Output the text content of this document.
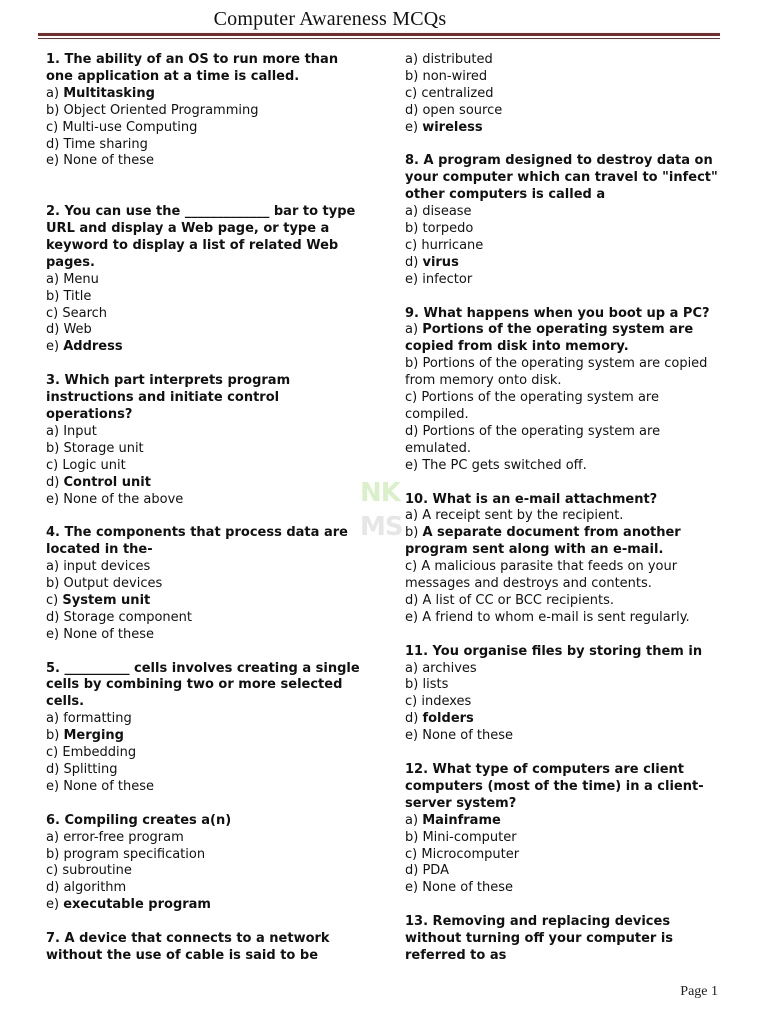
Computer Awareness MCQs
NK
MS
1. The ability of an OS to run more than one application at a time is called.
a) Multitasking
b) Object Oriented Programming
c) Multi-use Computing
d) Time sharing
e) None of these
2. You can use the _____________ bar to type URL and display a Web page, or type a keyword to display a list of related Web pages.
a) Menu
b) Title
c) Search
d) Web
e) Address
3. Which part interprets program instructions and initiate control operations?
a) Input
b) Storage unit
c) Logic unit
d) Control unit
e) None of the above
4. The components that process data are located in the-
a) input devices
b) Output devices
c) System unit
d) Storage component
e) None of these
5. __________ cells involves creating a single cells by combining two or more selected cells.
a) formatting
b) Merging
c) Embedding
d) Splitting
e) None of these
6. Compiling creates a(n)
a) error-free program
b) program specification
c) subroutine
d) algorithm
e) executable program
7. A device that connects to a network without the use of cable is said to be
a) distributed
b) non-wired
c) centralized
d) open source
e) wireless
8. A program designed to destroy data on your computer which can travel to "infect" other computers is called a
a) disease
b) torpedo
c) hurricane
d) virus
e) infector
9. What happens when you boot up a PC?
a) Portions of the operating system are copied from disk into memory.
b) Portions of the operating system are copied from memory onto disk.
c) Portions of the operating system are compiled.
d) Portions of the operating system are emulated.
e) The PC gets switched off.
10. What is an e-mail attachment?
a) A receipt sent by the recipient.
b) A separate document from another program sent along with an e-mail.
c) A malicious parasite that feeds on your messages and destroys and contents.
d) A list of CC or BCC recipients.
e) A friend to whom e-mail is sent regularly.
11. You organise files by storing them in
a) archives
b) lists
c) indexes
d) folders
e) None of these
12. What type of computers are client computers (most of the time) in a client-server system?
a) Mainframe
b) Mini-computer
c) Microcomputer
d) PDA
e) None of these
13. Removing and replacing devices without turning off your computer is referred to as
Page 1
